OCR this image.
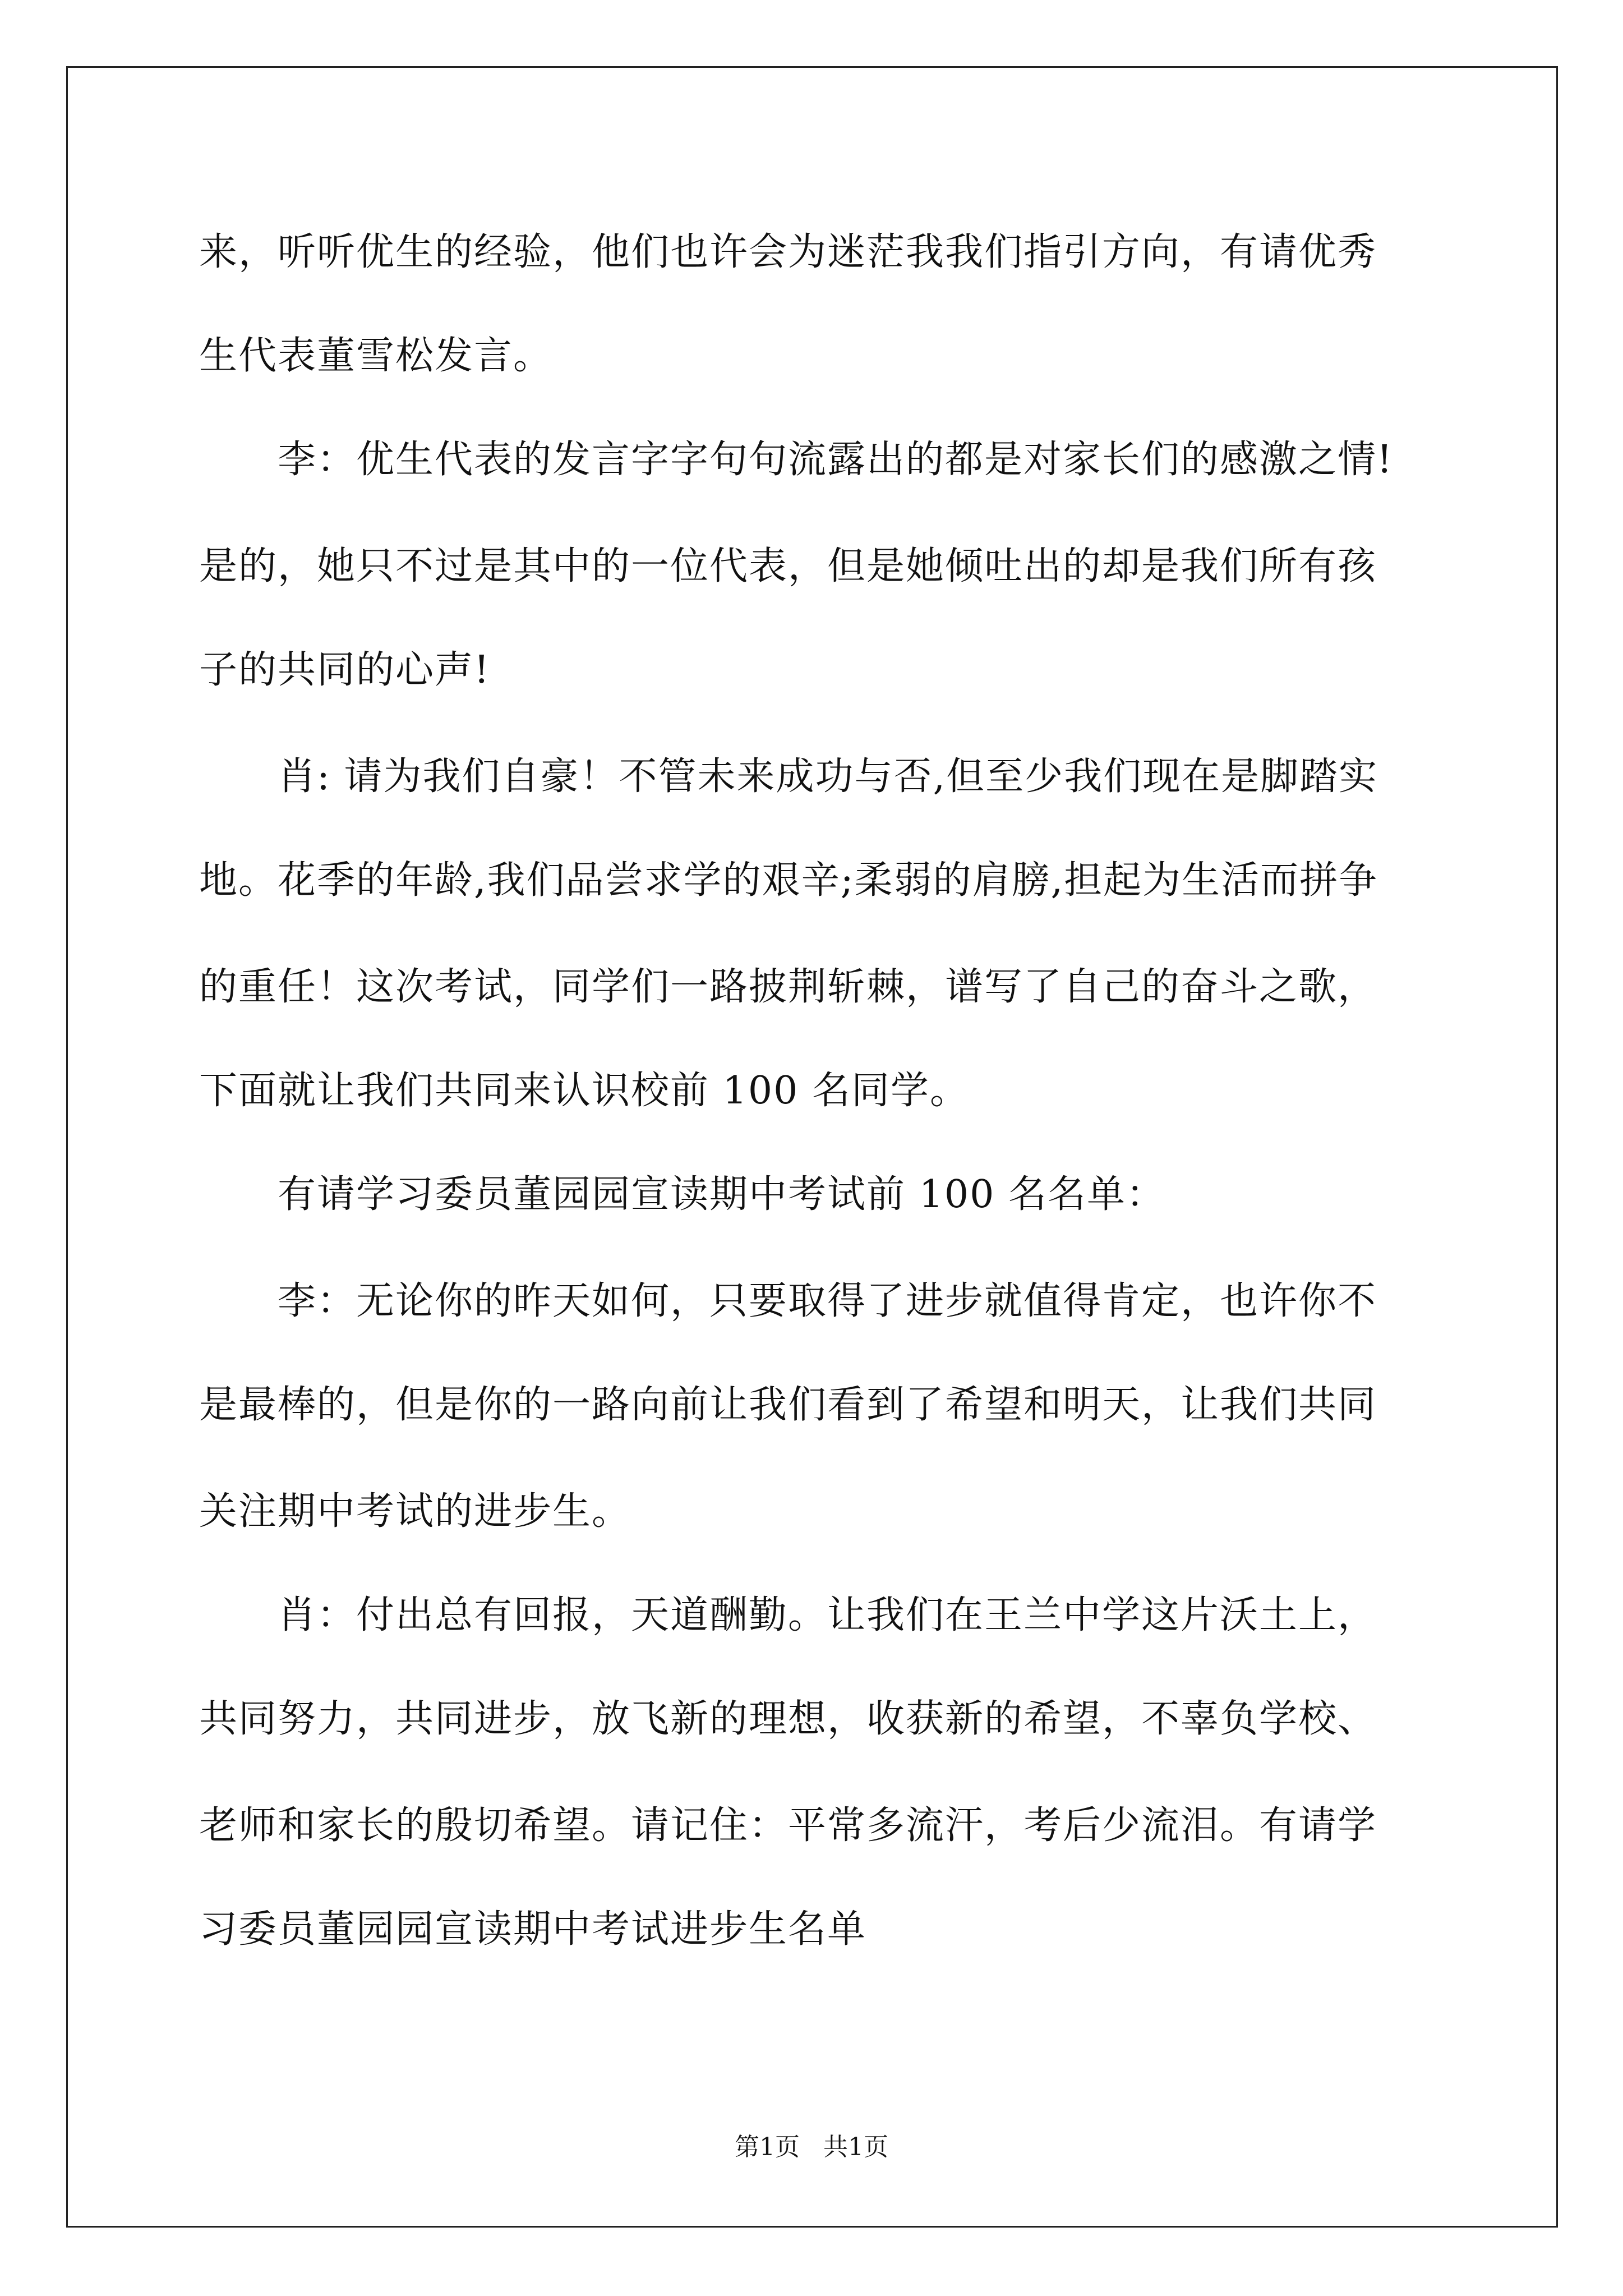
来，听听优生的经验，他们也许会为迷茫我我们指引方向，有请优秀
生代表董雪松发言。
李：优生代表的发言字字句句流露出的都是对家长们的感激之情!
是的，她只不过是其中的一位代表，但是她倾吐出的却是我们所有孩
子的共同的心声!
肖: 请为我们自豪！不管未来成功与否,但至少我们现在是脚踏实
地。花季的年龄,我们品尝求学的艰辛;柔弱的肩膀,担起为生活而拼争
的重任！这次考试，同学们一路披荆斩棘，谱写了自己的奋斗之歌，
下面就让我们共同来认识校前 100 名同学。
有请学习委员董园园宣读期中考试前 100 名名单：
李：无论你的昨天如何，只要取得了进步就值得肯定，也许你不
是最棒的，但是你的一路向前让我们看到了希望和明天，让我们共同
关注期中考试的进步生。
肖：付出总有回报，天道酬勤。让我们在王兰中学这片沃土上，
共同努力，共同进步，放飞新的理想，收获新的希望，不辜负学校、
老师和家长的殷切希望。请记住：平常多流汗，考后少流泪。有请学
习委员董园园宣读期中考试进步生名单
第1页   共1页
